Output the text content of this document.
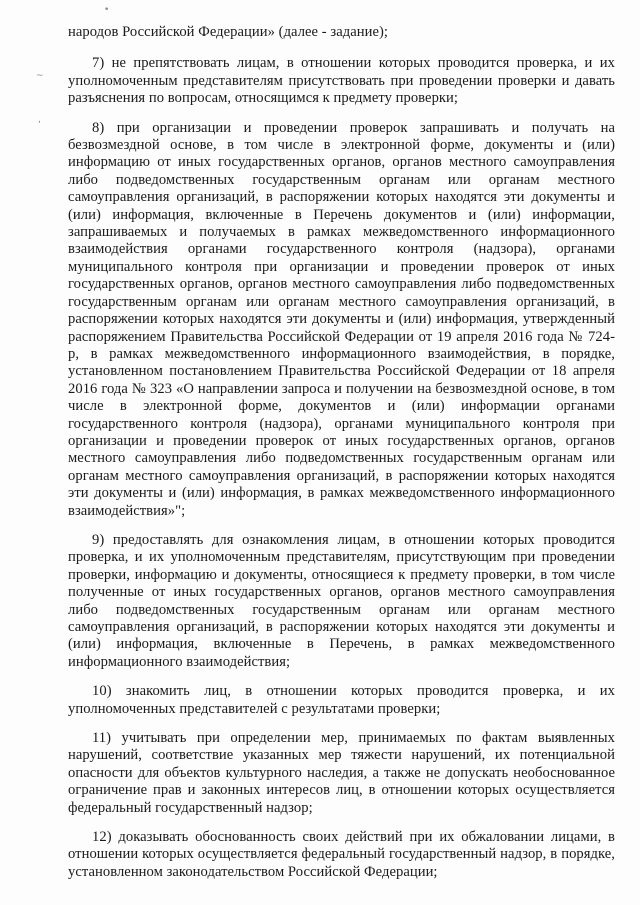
•
~
,

народов Российской Федерации» (далее - задание);

7) не препятствовать лицам, в отношении которых проводится проверка, и их уполномоченным представителям присутствовать при проведении проверки и давать разъяснения по вопросам, относящимся к предмету проверки;

8) при организации и проведении проверок запрашивать и получать на безвозмездной основе, в том числе в электронной форме, документы и (или) информацию от иных государственных органов, органов местного самоуправления либо подведомственных государственным органам или органам местного самоуправления организаций, в распоряжении которых находятся эти документы и (или) информация, включенные в Перечень документов и (или) информации, запрашиваемых и получаемых в рамках межведомственного информационного взаимодействия органами государственного контроля (надзора), органами муниципального контроля при организации и проведении проверок от иных государственных органов, органов местного самоуправления либо подведомственных государственным органам или органам местного самоуправления организаций, в распоряжении которых находятся эти документы и (или) информация, утвержденный распоряжением Правительства Российской Федерации от 19 апреля 2016 года № 724-р, в рамках межведомственного информационного взаимодействия, в порядке, установленном постановлением Правительства Российской Федерации от 18 апреля 2016 года № 323 «О направлении запроса и получении на безвозмездной основе, в том числе в электронной форме, документов и (или) информации органами государственного контроля (надзора), органами муниципального контроля при организации и проведении проверок от иных государственных органов, органов местного самоуправления либо подведомственных государственным органам или органам местного самоуправления организаций, в распоряжении которых находятся эти документы и (или) информация, в рамках межведомственного информационного взаимодействия»";

9) предоставлять для ознакомления лицам, в отношении которых проводится проверка, и их уполномоченным представителям, присутствующим при проведении проверки, информацию и документы, относящиеся к предмету проверки, в том числе полученные от иных государственных органов, органов местного самоуправления либо подведомственных государственным органам или органам местного самоуправления организаций, в распоряжении которых находятся эти документы и (или) информация, включенные в Перечень, в рамках межведомственного информационного взаимодействия;

10) знакомить лиц, в отношении которых проводится проверка, и их уполномоченных представителей с результатами проверки;

11) учитывать при определении мер, принимаемых по фактам выявленных нарушений, соответствие указанных мер тяжести нарушений, их потенциальной опасности для объектов культурного наследия, а также не допускать необоснованное ограничение прав и законных интересов лиц, в отношении которых осуществляется федеральный государственный надзор;

12) доказывать обоснованность своих действий при их обжаловании лицами, в отношении которых осуществляется федеральный государственный надзор, в порядке, установленном законодательством Российской Федерации;
